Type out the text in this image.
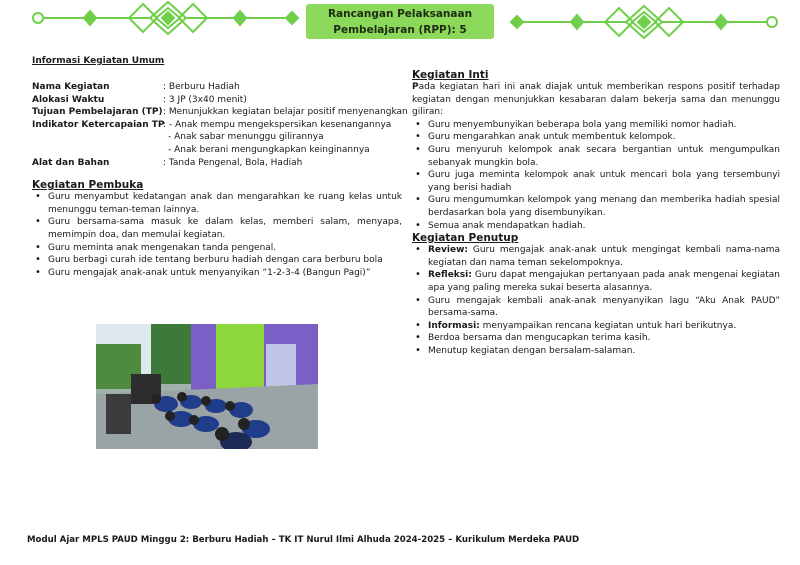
Rancangan Pelaksanaan
Pembelajaran (RPP): 5
Informasi Kegiatan Umum
Nama Kegiatan	: Berburu Hadiah
Alokasi Waktu	: 3 JP (3x40 menit)
Tujuan Pembelajaran (TP) : Menunjukkan kegiatan belajar positif menyenangkan
Indikator Ketercapaian TP
: - Anak mempu mengekspersikan kesenangannya
- Anak sabar menunggu gilirannya
- Anak berani mengungkapkan keinginannya
Alat dan Bahan	: Tanda Pengenal, Bola, Hadiah
Kegiatan Pembuka
• Guru menyambut kedatangan anak dan mengarahkan ke ruang kelas untuk menunggu teman-teman lainnya.
• Guru bersama-sama masuk ke dalam kelas, memberi salam, menyapa, memimpin doa, dan memulai kegiatan.
• Guru meminta anak mengenakan tanda pengenal.
• Guru berbagi curah ide tentang berburu hadiah dengan cara berburu bola
• Guru mengajak anak-anak untuk menyanyikan “1-2-3-4 (Bangun Pagi)”
Kegiatan Inti
Pada kegiatan hari ini anak diajak untuk memberikan respons positif terhadap kegiatan dengan menunjukkan kesabaran dalam bekerja sama dan menunggu giliran:
• Guru menyembunyikan beberapa bola yang memiliki nomor hadiah.
• Guru mengarahkan anak untuk membentuk kelompok.
• Guru menyuruh kelompok anak secara bergantian untuk mengumpulkan sebanyak mungkin bola.
• Guru juga meminta kelompok anak untuk mencari bola yang tersembunyi yang berisi hadiah
• Guru mengumumkan kelompok yang menang dan memberika hadiah spesial berdasarkan bola yang disembunyikan.
• Semua anak mendapatkan hadiah.
Kegiatan Penutup
• Review: Guru mengajak anak-anak untuk mengingat kembali nama-nama kegiatan dan nama teman sekelompoknya.
• Refleksi: Guru dapat mengajukan pertanyaan pada anak mengenai kegiatan apa yang paling mereka sukai beserta alasannya.
• Guru mengajak kembali anak-anak menyanyikan lagu “Aku Anak PAUD” bersama-sama.
• Informasi: menyampaikan rencana kegiatan untuk hari berikutnya.
• Berdoa bersama dan mengucapkan terima kasih.
• Menutup kegiatan dengan bersalam-salaman.
Modul Ajar MPLS PAUD Minggu 2: Berburu Hadiah – TK IT Nurul Ilmi Alhuda 2024-2025 – Kurikulum Merdeka PAUD
